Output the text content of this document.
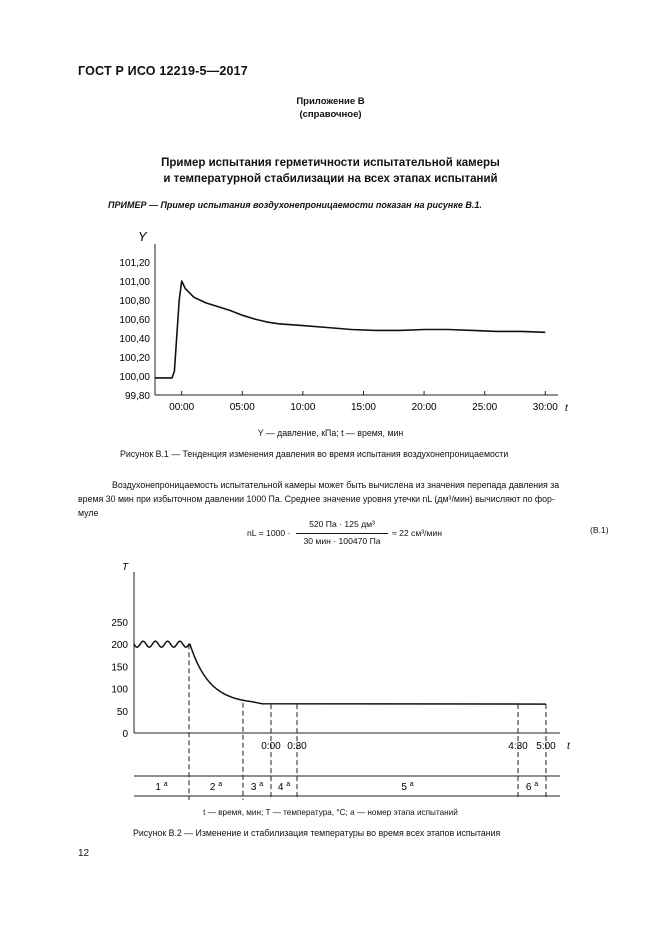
ГОСТ Р ИСО 12219-5—2017
Приложение В
(справочное)
Пример испытания герметичности испытательной камеры
и температурной стабилизации на всех этапах испытаний
ПРИМЕР — Пример испытания воздухонепроницаемости показан на рисунке В.1.
Y
t
99,80
100,00
100,20
100,40
100,60
100,80
101,00
101,20
00:00	05:00	10:00	15:00	20:00	25:00	30:00
T
t
0
50
100
150
200
250
0:00 0:30	4:30 5:00
1 $^a$	2 $^a$	3 $^a$ 4 $^a$	5 $^a$	6 $^a$
Y — давление, кПа; t — время, мин
Рисунок В.1 — Тенденция изменения давления во время испытания воздухонепроницаемости
Воздухонепроницаемость испытательной камеры может быть вычислена из значения перепада давления за
время 30 мин при избыточном давлении 1000 Па. Среднее значение уровня утечки nL (дм³/мин) вычисляют по фор-
муле
nL = 1000 ·
520 Па · 125 дм³
30 мин · 100470 Па
≈ 22 см³/мин	(В.1)
t — время, мин; T — температура, °C; a — номер этапа испытаний
Рисунок В.2 — Изменение и стабилизация температуры во время всех этапов испытания
12
